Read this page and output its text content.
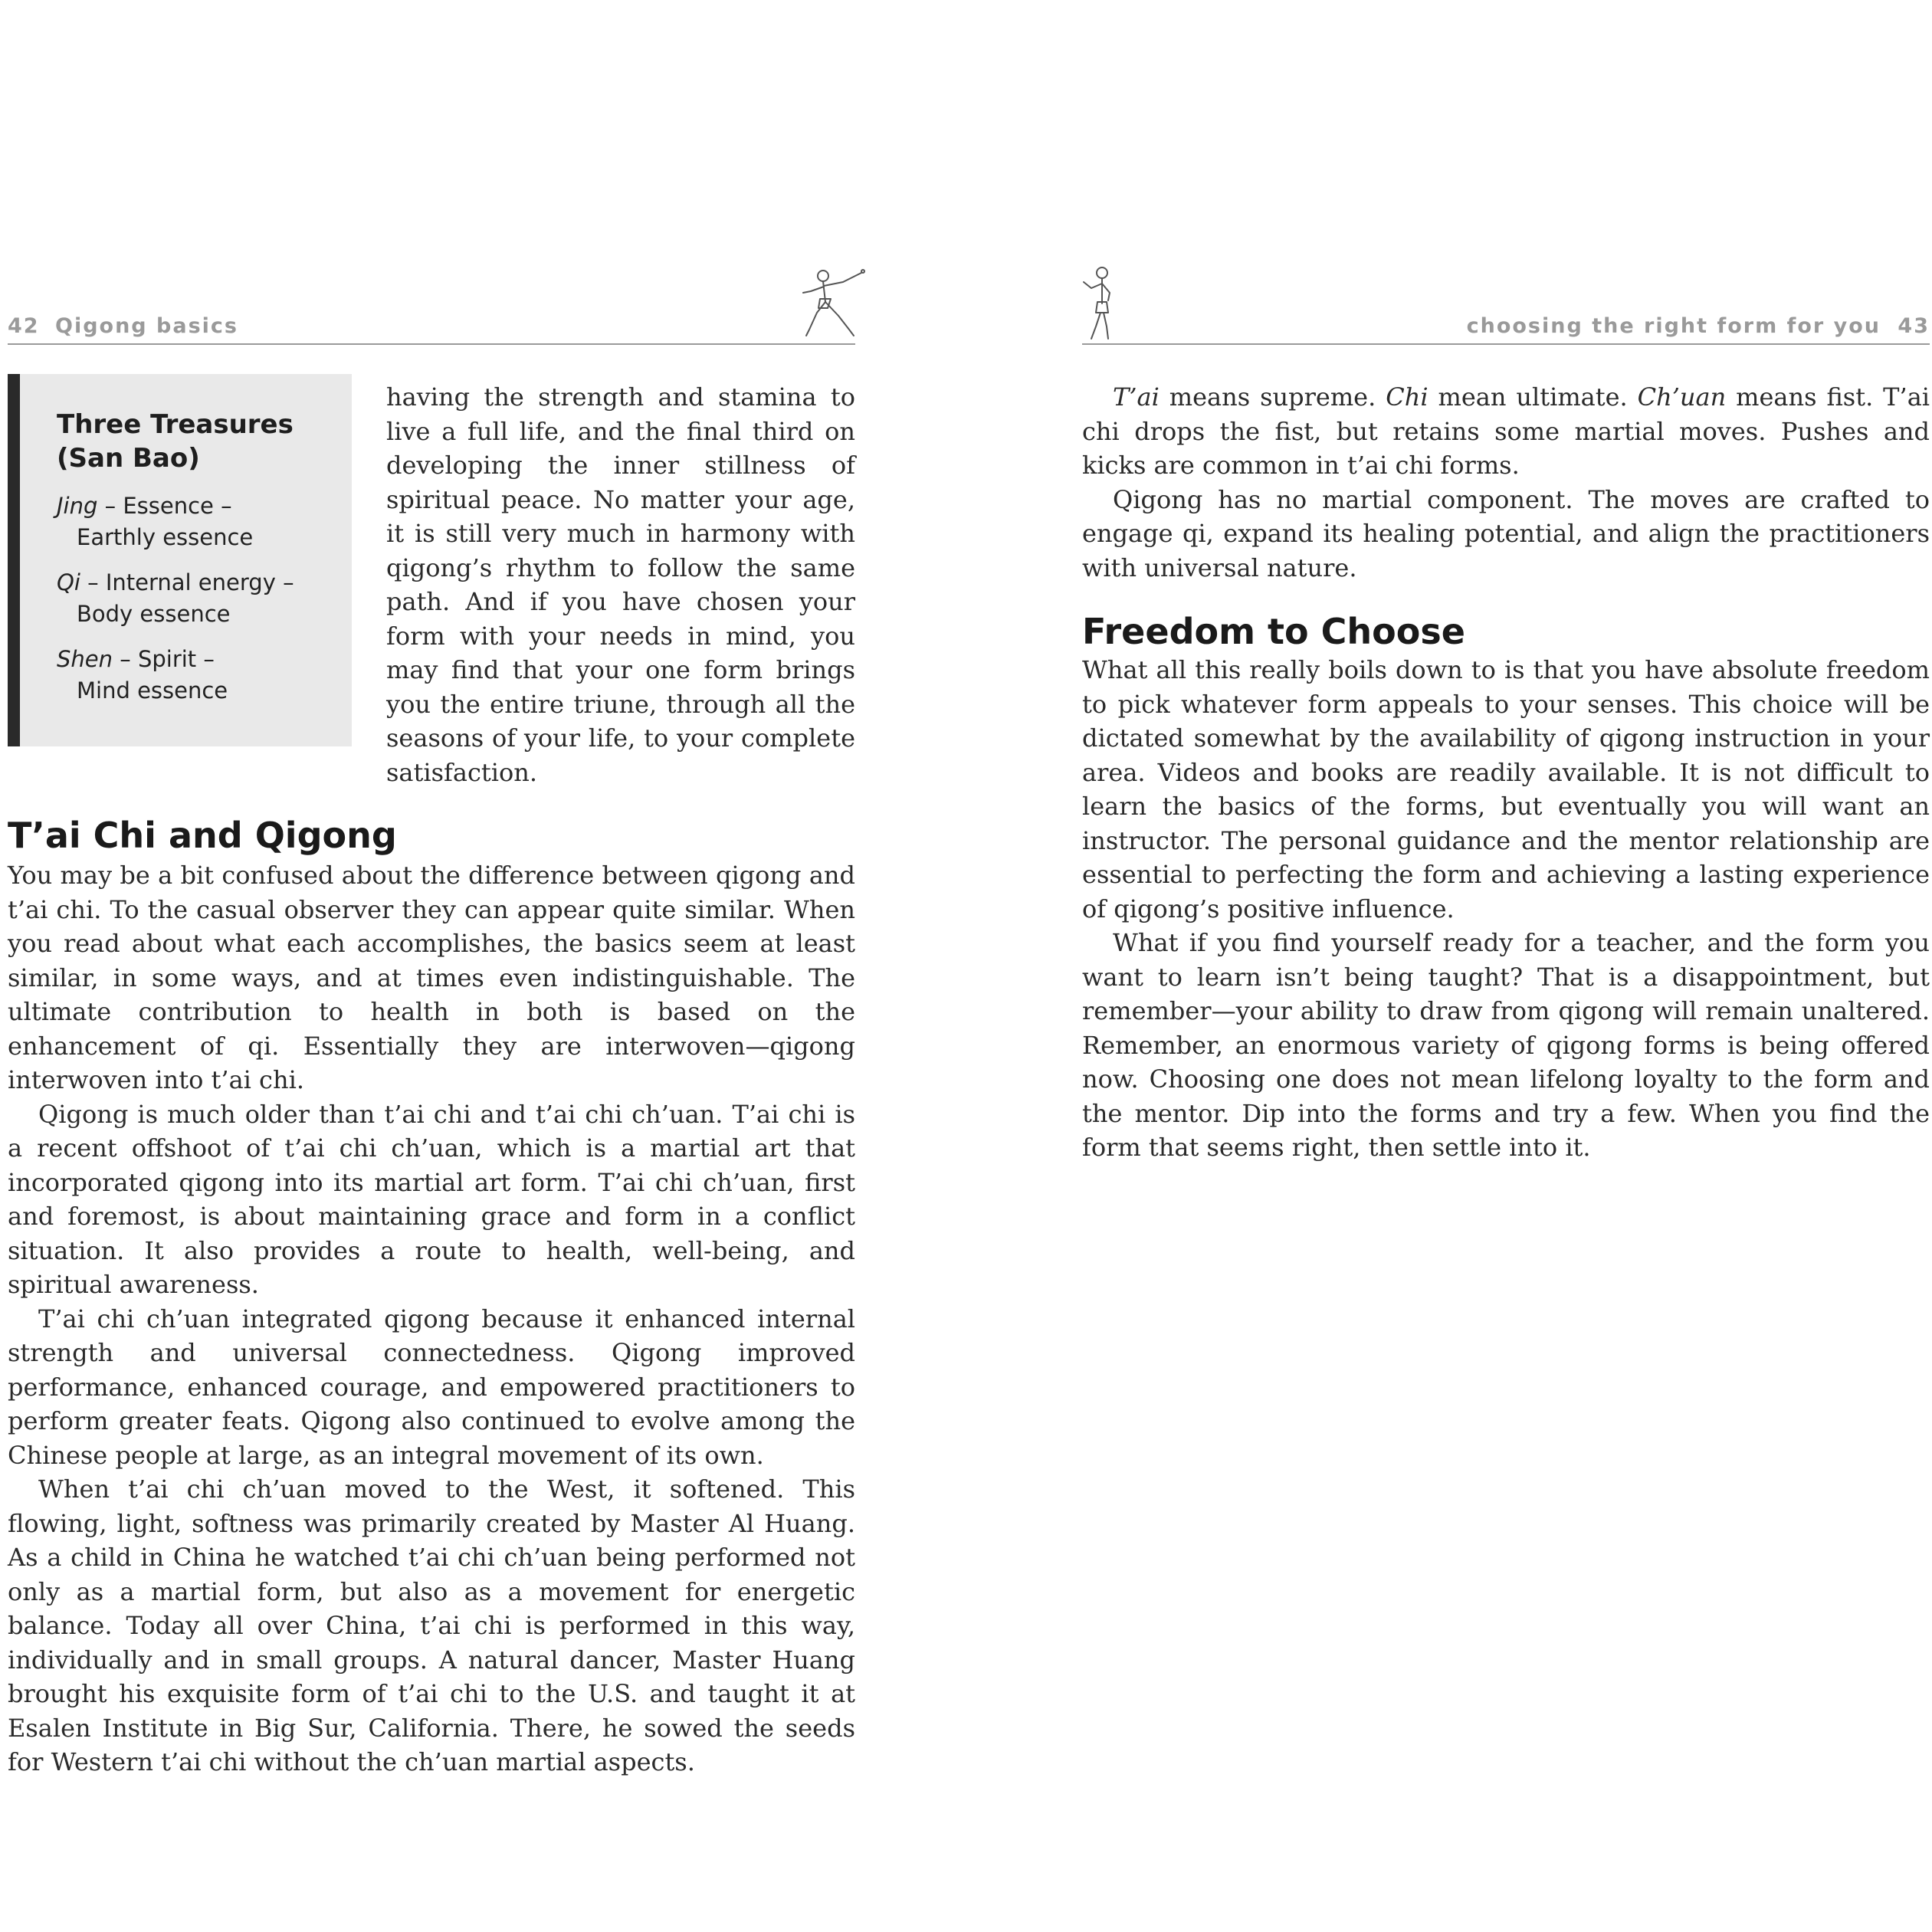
42 Qigong basics
Three Treasures
(San Bao)
Jing – Essence –
Earthly essence
Qi – Internal energy –
Body essence
Shen – Spirit –
Mind essence

having the strength and stamina to live a full life, and the final third on developing the inner stillness of spiritual peace. No matter your age, it is still very much in harmony with qigong’s rhythm to follow the same path. And if you have chosen your form with your needs in mind, you may find that your one form brings you the entire triune, through all the seasons of your life, to your complete satisfaction.

T’ai Chi and Qigong

You may be a bit confused about the difference between qigong and t’ai chi. To the casual observer they can appear quite similar. When you read about what each accomplishes, the basics seem at least similar, in some ways, and at times even indistinguishable. The ultimate contribution to health in both is based on the enhancement of qi. Essentially they are interwoven—qigong interwoven into t’ai chi.

Qigong is much older than t’ai chi and t’ai chi ch’uan. T’ai chi is a recent offshoot of t’ai chi ch’uan, which is a martial art that incorporated qigong into its martial art form. T’ai chi ch’uan, first and foremost, is about maintaining grace and form in a conflict situation. It also provides a route to health, well-being, and spiritual awareness.

T’ai chi ch’uan integrated qigong because it enhanced internal strength and universal connectedness. Qigong improved performance, enhanced courage, and empowered practitioners to perform greater feats. Qigong also continued to evolve among the Chinese people at large, as an integral movement of its own.

When t’ai chi ch’uan moved to the West, it softened. This flowing, light, softness was primarily created by Master Al Huang. As a child in China he watched t’ai chi ch’uan being performed not only as a martial form, but also as a movement for energetic balance. Today all over China, t’ai chi is performed in this way, individually and in small groups. A natural dancer, Master Huang brought his exquisite form of t’ai chi to the U.S. and taught it at Esalen Institute in Big Sur, California. There, he sowed the seeds for Western t’ai chi without the ch’uan martial aspects.

choosing the right form for you 43

T’ai means supreme. Chi mean ultimate. Ch’uan means fist. T’ai chi drops the fist, but retains some martial moves. Pushes and kicks are common in t’ai chi forms.

Qigong has no martial component. The moves are crafted to engage qi, expand its healing potential, and align the practitioners with universal nature.

Freedom to Choose

What all this really boils down to is that you have absolute freedom to pick whatever form appeals to your senses. This choice will be dictated somewhat by the availability of qigong instruction in your area. Videos and books are readily available. It is not difficult to learn the basics of the forms, but eventually you will want an instructor. The personal guidance and the mentor relationship are essential to perfecting the form and achieving a lasting experience of qigong’s positive influence.

What if you find yourself ready for a teacher, and the form you want to learn isn’t being taught? That is a disappointment, but remember—your ability to draw from qigong will remain unaltered. Remember, an enormous variety of qigong forms is being offered now. Choosing one does not mean lifelong loyalty to the form and the mentor. Dip into the forms and try a few. When you find the form that seems right, then settle into it.
